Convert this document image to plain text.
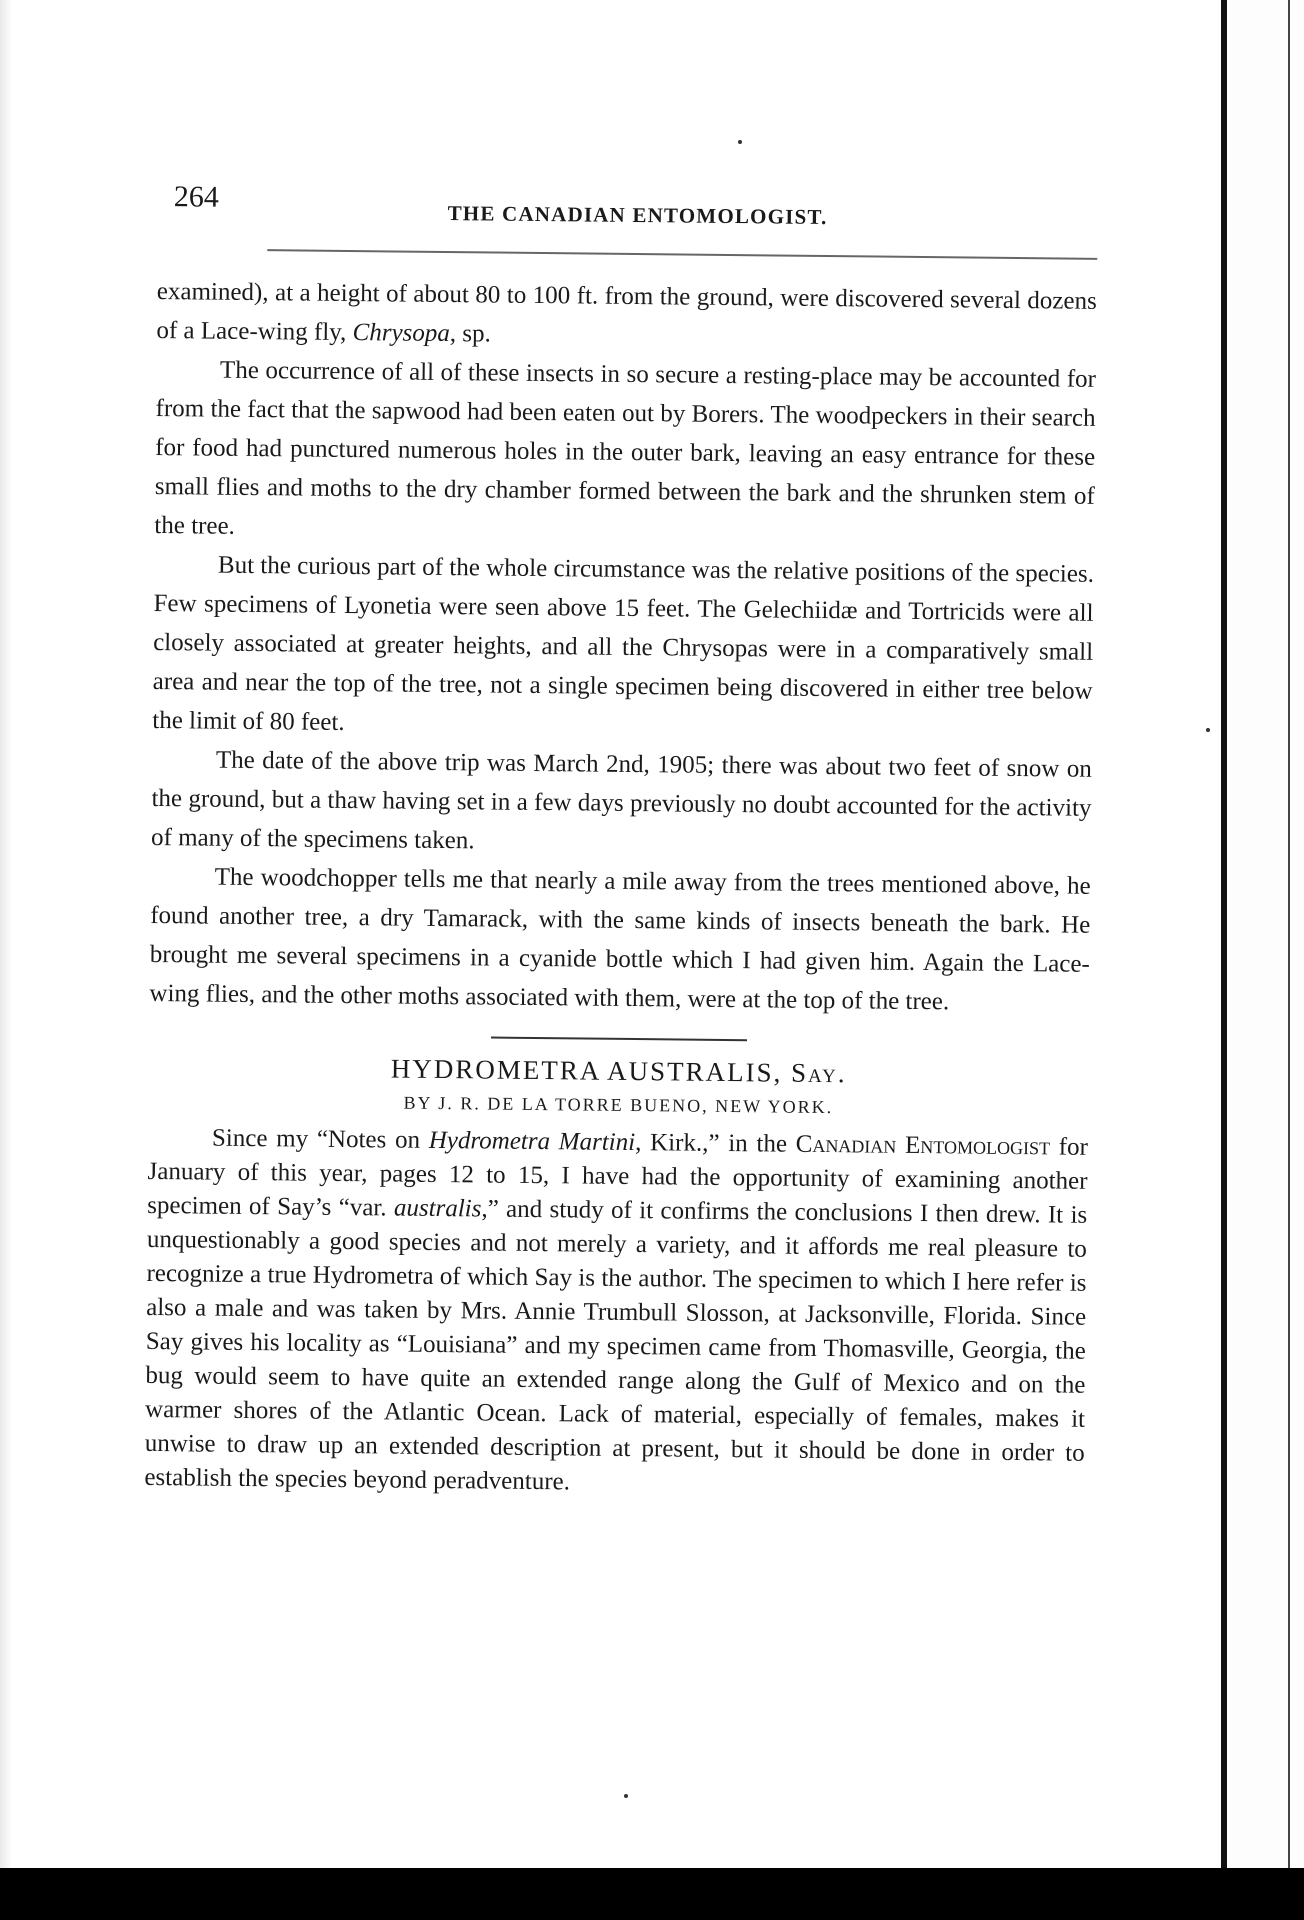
264
THE CANADIAN ENTOMOLOGIST.

examined), at a height of about 80 to 100 ft. from the ground, were discovered several dozens of a Lace-wing fly, Chrysopa, sp.

The occurrence of all of these insects in so secure a resting-place may be accounted for from the fact that the sapwood had been eaten out by Borers. The woodpeckers in their search for food had punctured numerous holes in the outer bark, leaving an easy entrance for these small flies and moths to the dry chamber formed between the bark and the shrunken stem of the tree.

But the curious part of the whole circumstance was the relative positions of the species. Few specimens of Lyonetia were seen above 15 feet. The Gelechiidæ and Tortricids were all closely associated at greater heights, and all the Chrysopas were in a comparatively small area and near the top of the tree, not a single specimen being discovered in either tree below the limit of 80 feet.

The date of the above trip was March 2nd, 1905; there was about two feet of snow on the ground, but a thaw having set in a few days previously no doubt accounted for the activity of many of the specimens taken.

The woodchopper tells me that nearly a mile away from the trees mentioned above, he found another tree, a dry Tamarack, with the same kinds of insects beneath the bark. He brought me several specimens in a cyanide bottle which I had given him. Again the Lace-wing flies, and the other moths associated with them, were at the top of the tree.

HYDROMETRA AUSTRALIS, Say.
BY J. R. DE LA TORRE BUENO, NEW YORK.

Since my “Notes on Hydrometra Martini, Kirk.,” in the Canadian Entomologist for January of this year, pages 12 to 15, I have had the opportunity of examining another specimen of Say’s “var. australis,” and study of it confirms the conclusions I then drew. It is unquestionably a good species and not merely a variety, and it affords me real pleasure to recognize a true Hydrometra of which Say is the author. The specimen to which I here refer is also a male and was taken by Mrs. Annie Trumbull Slosson, at Jacksonville, Florida. Since Say gives his locality as “Louisiana” and my specimen came from Thomasville, Georgia, the bug would seem to have quite an extended range along the Gulf of Mexico and on the warmer shores of the Atlantic Ocean. Lack of material, especially of females, makes it unwise to draw up an extended description at present, but it should be done in order to establish the species beyond peradventure.
